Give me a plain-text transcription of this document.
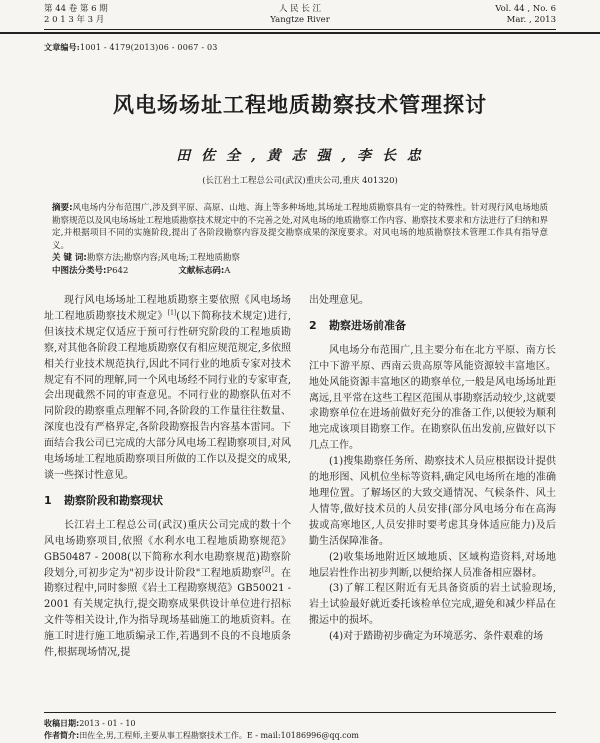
第 44 卷 第 6 期
2 0 1 3 年 3 月
人 民 长 江
Yangtze River
Vol. 44 , No. 6
Mar. , 2013
文章编号:1001 - 4179(2013)06 - 0067 - 03
风电场场址工程地质勘察技术管理探讨
田 佐 全 , 黄 志 强 , 李 长 忠
(长江岩土工程总公司(武汉)重庆公司,重庆 401320)
摘要:风电场内分布范围广,涉及到平原、高原、山地、海上等多种场地,其场址工程地质勘察具有一定的特殊性。针对现行风电场地质勘察规范以及风电场场址工程地质勘察技术规定中的不完善之处,对风电场的地质勘察工作内容、勘察技术要求和方法进行了归纳和界定,并根据项目不同的实施阶段,提出了各阶段勘察内容及提交勘察成果的深度要求。对风电场的地质勘察技术管理工作具有指导意义。
关 键 词:勘察方法;勘察内容;风电场;工程地质勘察
中图法分类号:P642	文献标志码:A

现行风电场场址工程地质勘察主要依照《风电场场址工程地质勘察技术规定》[1](以下简称技术规定)进行,但该技术规定仅适应于预可行性研究阶段的工程地质勘察,对其他各阶段工程地质勘察仅有相应规范规定,多依照相关行业技术规范执行,因此不同行业的地质专家对技术规定有不同的理解,同一个风电场经不同行业的专家审查,会出现截然不同的审查意见。不同行业的勘察队伍对不同阶段的勘察重点理解不同,各阶段的工作量往往数量、深度也没有严格界定,各阶段勘察报告内容基本雷同。下面结合我公司已完成的大部分风电场工程勘察项目,对风电场场址工程地质勘察项目所做的工作以及提交的成果,谈一些探讨性意见。

1 勘察阶段和勘察现状

长江岩土工程总公司(武汉)重庆公司完成的数十个风电场勘察项目,依照《水利水电工程地质勘察规范》GB50487 - 2008(以下简称水利水电勘察规范)勘察阶段划分,可初步定为"初步设计阶段"工程地质勘察[2]。在勘察过程中,同时参照《岩土工程勘察规范》GB50021 - 2001 有关规定执行,提交勘察成果供设计单位进行招标文件等相关设计,作为指导现场基础施工的地质资料。在施工时进行施工地质编录工作,若遇到不良的不良地质条件,根据现场情况,提

出处理意见。

2 勘察进场前准备

风电场分布范围广,且主要分布在北方平原、南方长江中下游平原、西南云贵高原等风能资源较丰富地区。地处风能资源丰富地区的勘察单位,一般是风电场场址距离远,且平常在这些工程区范围从事勘察活动较少,这就要求勘察单位在进场前做好充分的准备工作,以便较为顺利地完成该项目勘察工作。在勘察队伍出发前,应做好以下几点工作。

(1)搜集勘察任务所、勘察技术人员应根据设计提供的地形图、风机位坐标等资料,确定风电场所在地的准确地理位置。了解场区的大致交通情况、气候条件、风土人情等,做好技术员的人员安排(部分风电场分布在高海拔或高寒地区,人员安排时要考虑其身体适应能力)及后勤生活保障准备。

(2)收集场地附近区域地质、区域构造资料,对场地地层岩性作出初步判断,以便给探人员准备相应器材。

(3)了解工程区附近有无具备资质的岩土试验现场,岩土试验最好就近委托该检单位完成,避免和减少样品在搬运中的损坏。

(4)对于踏勘初步确定为环境恶劣、条件艰难的场

收稿日期:2013 - 01 - 10
作者简介:田佐全,男,工程师,主要从事工程勘察技术工作。E - mail:10186996@qq.com
